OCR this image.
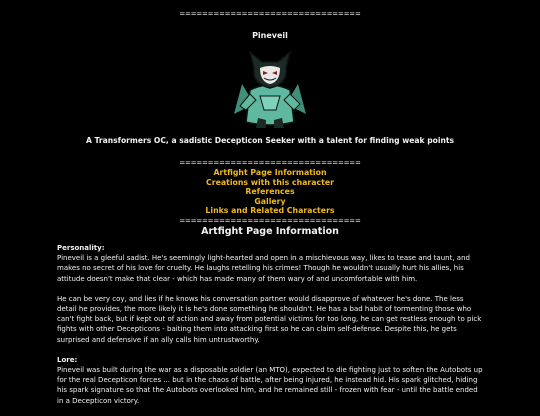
================================
Pineveil
A Transformers OC, a sadistic Decepticon Seeker with a talent for finding weak points
================================
Artfight Page Information
Creations with this character
References
Gallery
Links and Related Characters
================================
Artfight Page Information
Personality:

Pineveil is a gleeful sadist. He's seemingly light-hearted and open in a mischievous way, likes to tease and taunt, and makes no secret of his love for cruelty. He laughs retelling his crimes! Though he wouldn't usually hurt his allies, his attitude doesn't make that clear - which has made many of them wary of and uncomfortable with him.

He can be very coy, and lies if he knows his conversation partner would disapprove of whatever he's done. The less detail he provides, the more likely it is he's done something he shouldn't. He has a bad habit of tormenting those who can't fight back, but if kept out of action and away from potential victims for too long, he can get restless enough to pick fights with other Decepticons - baiting them into attacking first so he can claim self-defense. Despite this, he gets surprised and defensive if an ally calls him untrustworthy.

Lore:

Pineveil was built during the war as a disposable soldier (an MTO), expected to die fighting just to soften the Autobots up for the real Decepticon forces ... but in the chaos of battle, after being injured, he instead hid. His spark glitched, hiding his spark signature so that the Autobots overlooked him, and he remained still - frozen with fear - until the battle ended in a Decepticon victory.
